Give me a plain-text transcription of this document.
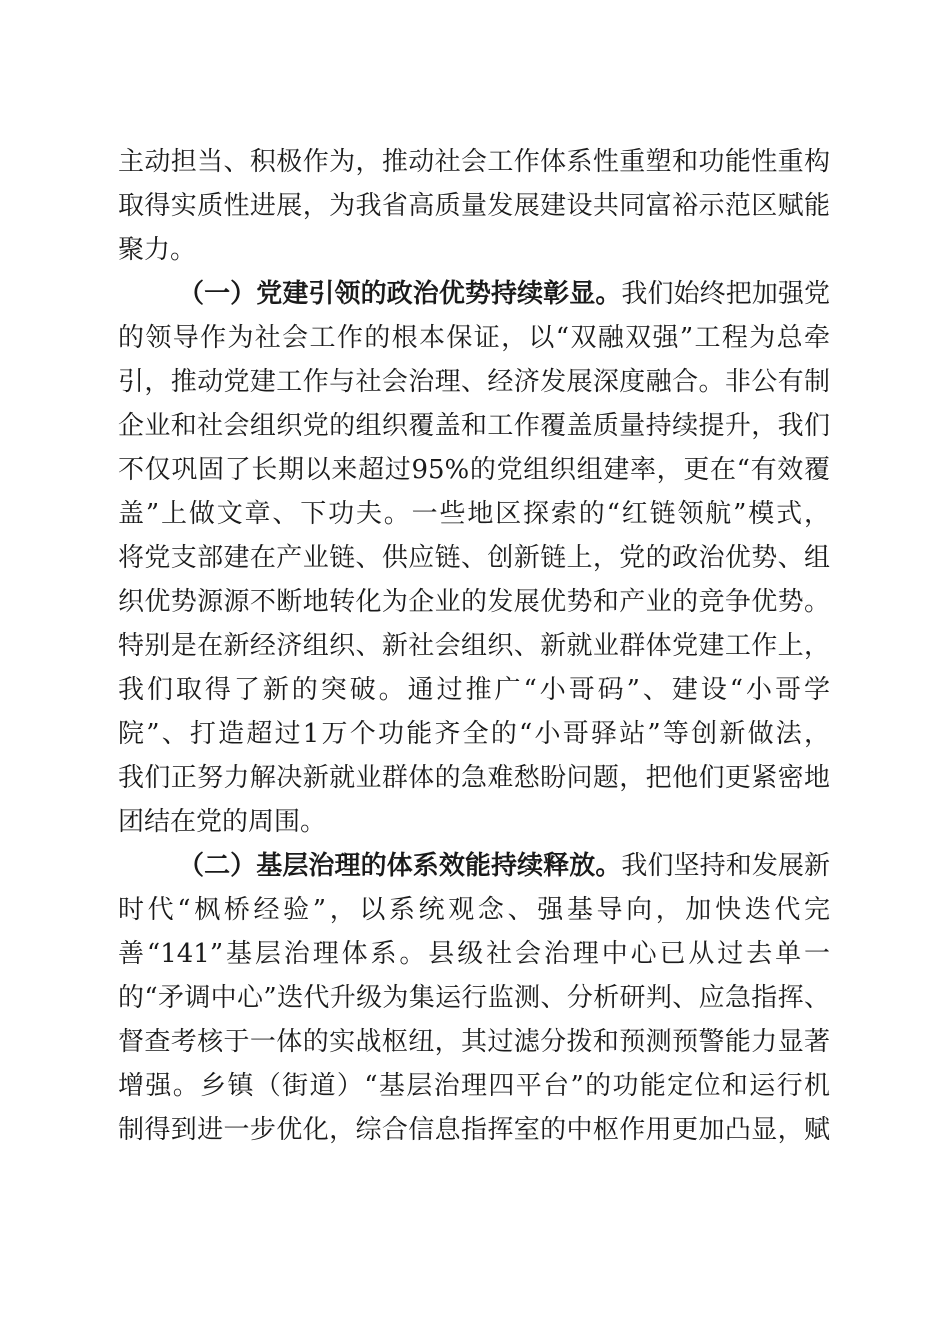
主动担当、积极作为，推动社会工作体系性重塑和功能性重构
取得实质性进展，为我省高质量发展建设共同富裕示范区赋能
聚力。
（一）党建引领的政治优势持续彰显。我们始终把加强党
的领导作为社会工作的根本保证，以“双融双强”工程为总牵
引，推动党建工作与社会治理、经济发展深度融合。非公有制
企业和社会组织党的组织覆盖和工作覆盖质量持续提升，我们
不仅巩固了长期以来超过95%的党组织组建率，更在“有效覆
盖”上做文章、下功夫。一些地区探索的“红链领航”模式，
将党支部建在产业链、供应链、创新链上，党的政治优势、组
织优势源源不断地转化为企业的发展优势和产业的竞争优势。
特别是在新经济组织、新社会组织、新就业群体党建工作上，
我们取得了新的突破。通过推广“小哥码”、建设“小哥学
院”、打造超过1万个功能齐全的“小哥驿站”等创新做法，
我们正努力解决新就业群体的急难愁盼问题，把他们更紧密地
团结在党的周围。
（二）基层治理的体系效能持续释放。我们坚持和发展新
时代“枫桥经验”，以系统观念、强基导向，加快迭代完
善“141”基层治理体系。县级社会治理中心已从过去单一
的“矛调中心”迭代升级为集运行监测、分析研判、应急指挥、
督查考核于一体的实战枢纽，其过滤分拨和预测预警能力显著
增强。乡镇（街道）“基层治理四平台”的功能定位和运行机
制得到进一步优化，综合信息指挥室的中枢作用更加凸显，赋
